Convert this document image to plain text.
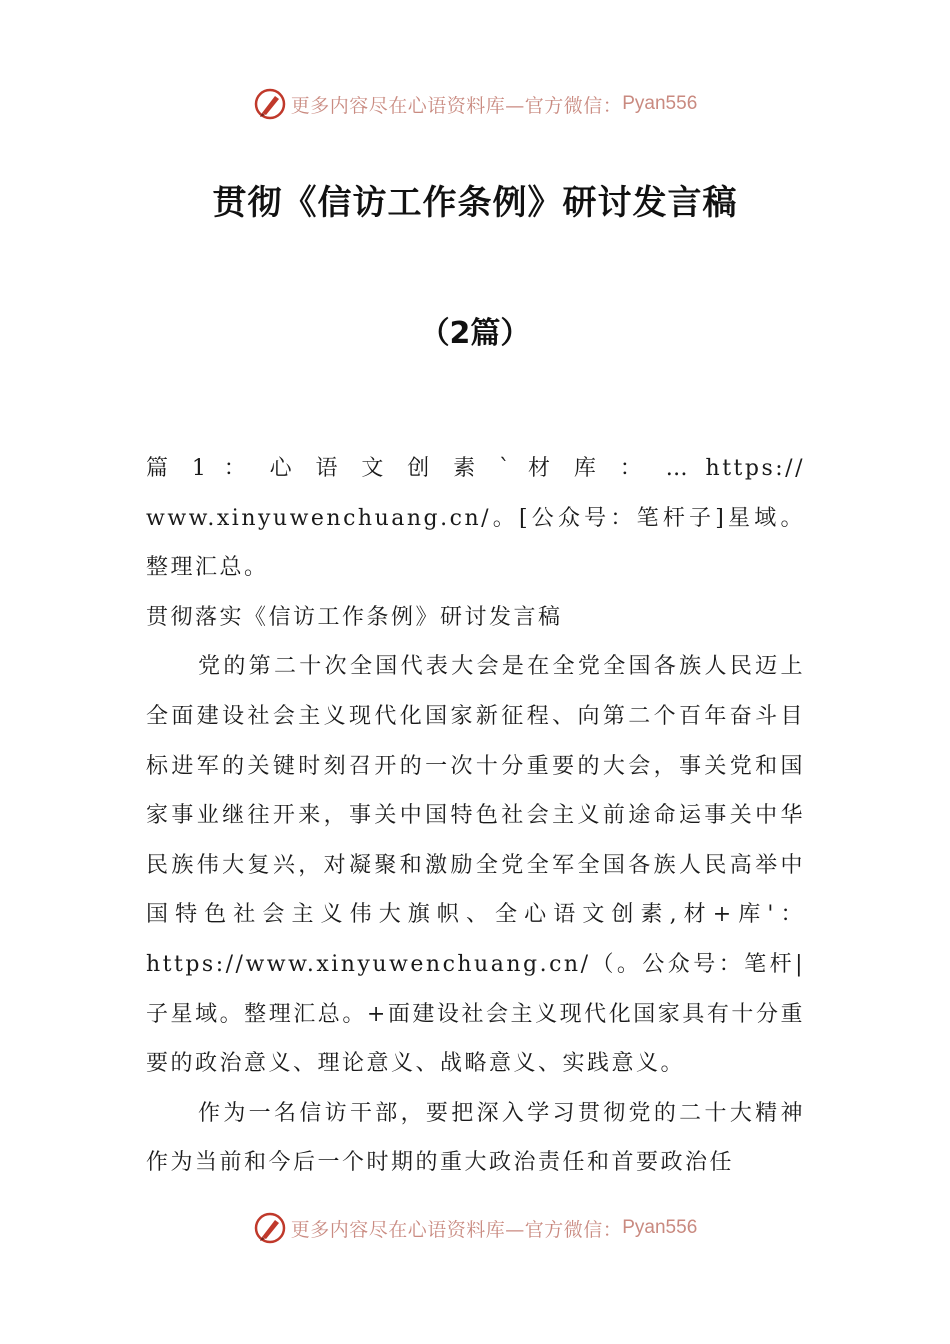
更多内容尽在心语资料库—官方微信： Pyan556
贯彻《信访工作条例》研讨发言稿
（2篇）

篇 1 ： 心 语 文 创 素 ` 材 库 ： … https:// www.xinyuwenchuang.cn/。[公众号：笔杆子]星域。整理汇总。

贯彻落实《信访工作条例》研讨发言稿

党的第二十次全国代表大会是在全党全国各族人民迈上全面建设社会主义现代化国家新征程、向第二个百年奋斗目标进军的关键时刻召开的一次十分重要的大会，事关党和国家事业继往开来，事关中国特色社会主义前途命运事关中华民族伟大复兴，对凝聚和激励全党全军全国各族人民高举中国特色社会主义伟大旗帜、全心语文创素,材+库'：https://www.xinyuwenchuang.cn/（。公众号：笔杆|子星域。整理汇总。+面建设社会主义现代化国家具有十分重要的政治意义、理论意义、战略意义、实践意义。

作为一名信访干部，要把深入学习贯彻党的二十大精神作为当前和今后一个时期的重大政治责任和首要政治任

更多内容尽在心语资料库—官方微信： Pyan556
